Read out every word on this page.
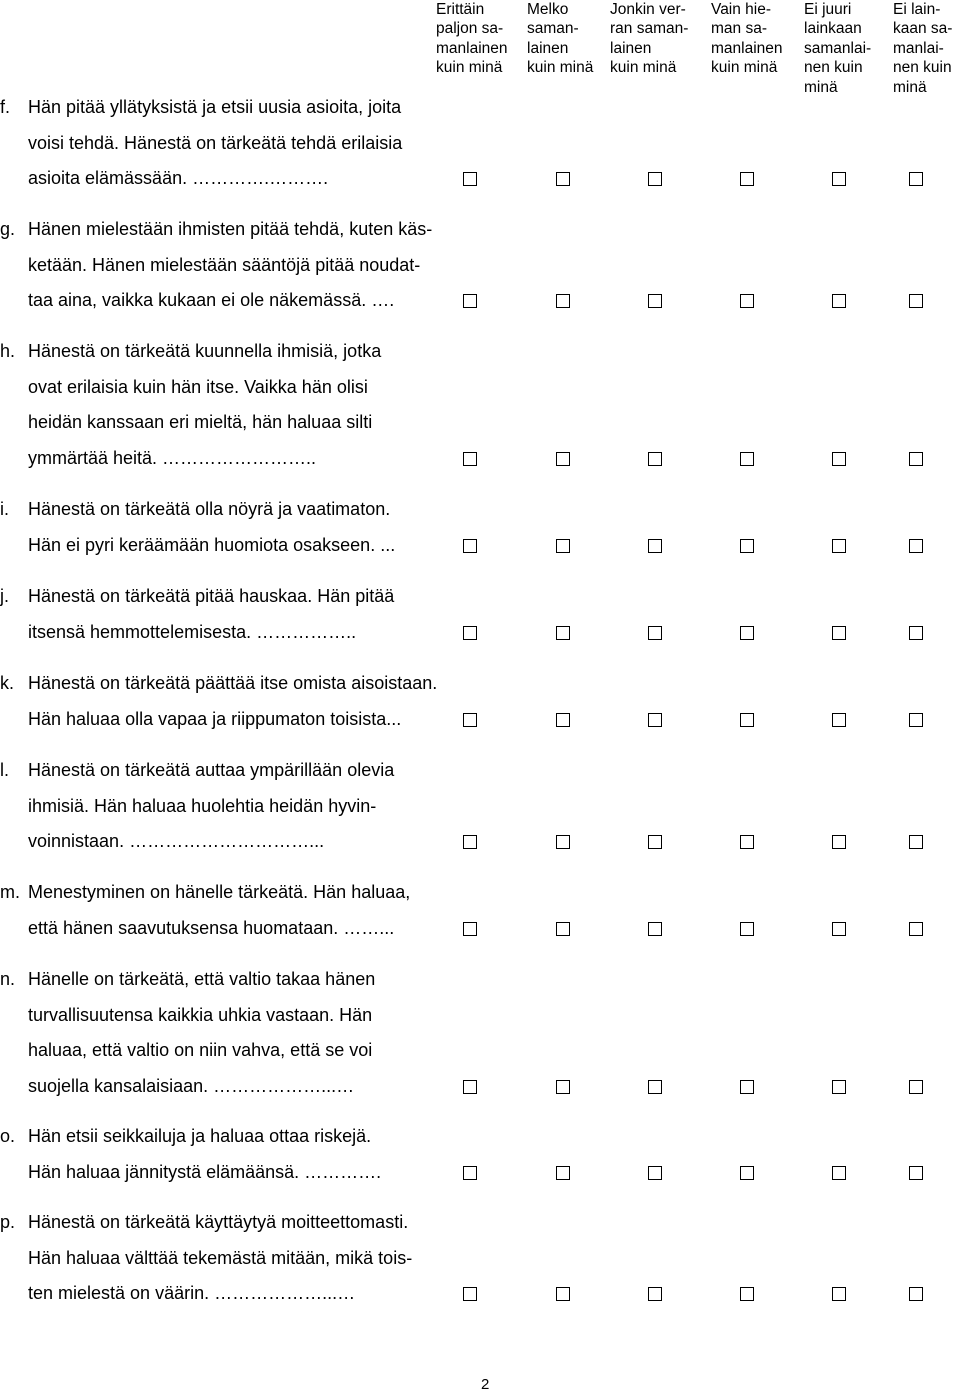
Erittäin
paljon sa-
manlainen
kuin minä
Melko
saman-
lainen
kuin minä
Jonkin ver-
ran saman-
lainen
kuin minä
Vain hie-
man sa-
manlainen
kuin minä
Ei juuri
lainkaan
samanlai-
nen kuin
minä
Ei lain-
kaan sa-
manlai-
nen kuin
minä
f. Hän pitää yllätyksistä ja etsii uusia asioita, joita
voisi tehdä. Hänestä on tärkeätä tehdä erilaisia
asioita elämässään. ………….……….
g. Hänen mielestään ihmisten pitää tehdä, kuten käs-
ketään. Hänen mielestään sääntöjä pitää noudat-
taa aina, vaikka kukaan ei ole näkemässä. ….
h. Hänestä on tärkeätä kuunnella ihmisiä, jotka
ovat erilaisia kuin hän itse. Vaikka hän olisi
heidän kanssaan eri mieltä, hän haluaa silti
ymmärtää heitä. ……………………..
i. Hänestä on tärkeätä olla nöyrä ja vaatimaton.
Hän ei pyri keräämään huomiota osakseen. ...
j. Hänestä on tärkeätä pitää hauskaa. Hän pitää
itsensä hemmottelemisesta. ……………..
k. Hänestä on tärkeätä päättää itse omista aisoistaan.
Hän haluaa olla vapaa ja riippumaton toisista...
l. Hänestä on tärkeätä auttaa ympärillään olevia
ihmisiä. Hän haluaa huolehtia heidän hyvin-
voinnistaan. …………………………...
m. Menestyminen on hänelle tärkeätä. Hän haluaa,
että hänen saavutuksensa huomataan. ……...
n. Hänelle on tärkeätä, että valtio takaa hänen
turvallisuutensa kaikkia uhkia vastaan. Hän
haluaa, että valtio on niin vahva, että se voi
suojella kansalaisiaan. ………………...…
o. Hän etsii seikkailuja ja haluaa ottaa riskejä.
Hän haluaa jännitystä elämäänsä. ………….
p. Hänestä on tärkeätä käyttäytyä moitteettomasti.
Hän haluaa välttää tekemästä mitään, mikä tois-
ten mielestä on väärin. ………………...…
2
